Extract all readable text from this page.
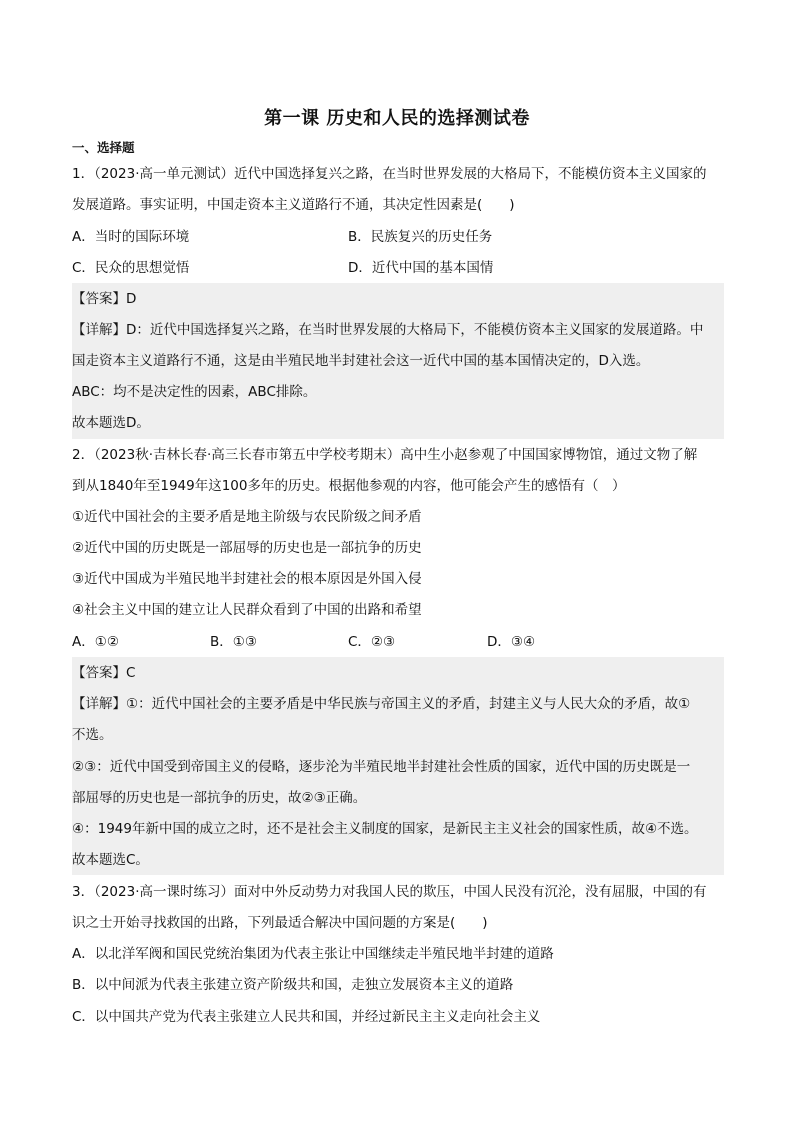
第一课 历史和人民的选择测试卷
一、选择题
1．（2023·高一单元测试）近代中国选择复兴之路，在当时世界发展的大格局下，不能模仿资本主义国家的
发展道路。事实证明，中国走资本主义道路行不通，其决定性因素是(　　)
A．当时的国际环境	B．民族复兴的历史任务
C．民众的思想觉悟	D．近代中国的基本国情
【答案】D
【详解】D：近代中国选择复兴之路，在当时世界发展的大格局下，不能模仿资本主义国家的发展道路。中
国走资本主义道路行不通，这是由半殖民地半封建社会这一近代中国的基本国情决定的，D入选。
ABC：均不是决定性的因素，ABC排除。
故本题选D。
2．（2023秋·吉林长春·高三长春市第五中学校考期末）高中生小赵参观了中国国家博物馆，通过文物了解
到从1840年至1949年这100多年的历史。根据他参观的内容，他可能会产生的感悟有（　）
①近代中国社会的主要矛盾是地主阶级与农民阶级之间矛盾
②近代中国的历史既是一部屈辱的历史也是一部抗争的历史
③近代中国成为半殖民地半封建社会的根本原因是外国入侵
④社会主义中国的建立让人民群众看到了中国的出路和希望
A．①②	B．①③	C．②③	D．③④
【答案】C
【详解】①：近代中国社会的主要矛盾是中华民族与帝国主义的矛盾，封建主义与人民大众的矛盾，故①
不选。
②③：近代中国受到帝国主义的侵略，逐步沦为半殖民地半封建社会性质的国家，近代中国的历史既是一
部屈辱的历史也是一部抗争的历史，故②③正确。
④：1949年新中国的成立之时，还不是社会主义制度的国家，是新民主主义社会的国家性质，故④不选。
故本题选C。
3．（2023·高一课时练习）面对中外反动势力对我国人民的欺压，中国人民没有沉沦，没有屈服，中国的有
识之士开始寻找救国的出路，下列最适合解决中国问题的方案是(　　)
A．以北洋军阀和国民党统治集团为代表主张让中国继续走半殖民地半封建的道路
B．以中间派为代表主张建立资产阶级共和国，走独立发展资本主义的道路
C．以中国共产党为代表主张建立人民共和国，并经过新民主主义走向社会主义
